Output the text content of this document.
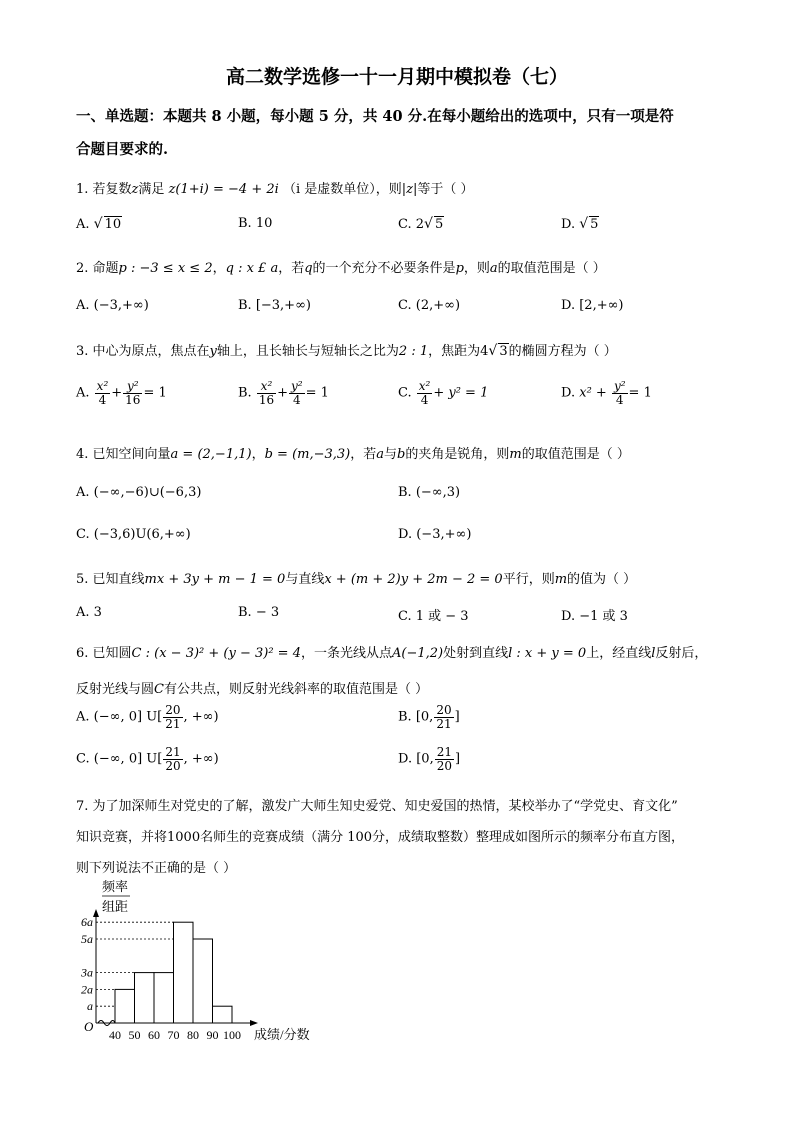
高二数学选修一十一月期中模拟卷（七）
一、单选题：本题共 8 小题，每小题 5 分，共 40 分.在每小题给出的选项中，只有一项是符
合题目要求的.
1. 若复数z满足 z(1+i) = −4 + 2i （i 是虚数单位），则|z|等于（ ）
A. √ 10	B. 10	C. 2√ 5	D. √ 5
2. 命题p : −3 ≤ x ≤ 2，q : x £ a，若q的一个充分不必要条件是p，则a的取值范围是（ ）
A. (−3,+∞)	B. [−3,+∞)	C. (2,+∞)	D. [2,+∞)
3. 中心为原点，焦点在y轴上，且长轴长与短轴长之比为2 : 1，焦距为4√ 3的椭圆方程为（ ）
A. $\frac{\text{x²}}{4} + \frac{\text{y²}}{16} = 1$	B. $\frac{\text{x²}}{16} + \frac{\text{y²}}{4} = 1$	C. $\frac{\text{x²}}{4} + y^2 = 1$	D. $x^2 + \frac{\text{y²}}{4} = 1$
4. 已知空间向量a = (2,−1,1)，b = (m,−3,3)，若a与b的夹角是锐角，则m的取值范围是（ ）
A. (−∞,−6)∪(−6,3)	B. (−∞,3)
C. (−3,6)U(6,+∞)	D. (−3,+∞)
5. 已知直线mx + 3y + m − 1 = 0与直线x + (m + 2)y + 2m − 2 = 0平行，则m的值为（ ）
A. 3	B. − 3	C. 1 或 − 3	D. −1 或 3
6. 已知圆C : (x − 3)² + (y − 3)² = 4，一条光线从点A(−1,2)处射到直线l : x + y = 0上，经直线l反射后，
反射光线与圆C有公共点，则反射光线斜率的取值范围是（ ）
A. (−∞, 0] $U[ \frac{20}{21}$ , +∞)	B. [0, $\frac{20}{21}$ ]
C. (−∞, 0] $U[ \frac{21}{20}$ , +∞)	D. [0, $\frac{21}{20}$ ]
7. 为了加深师生对党史的了解，激发广大师生知史爱党、知史爱国的热情，某校举办了“学党史、育文化”
知识竞赛，并将1000名师生的竞赛成绩（满分 100分，成绩取整数）整理成如图所示的频率分布直方图，
则下列说法不正确的是（ ）
频率
组距
O
a
2a
3a
5a
6a
40 50 60 70 80 90 100 成绩/分数
